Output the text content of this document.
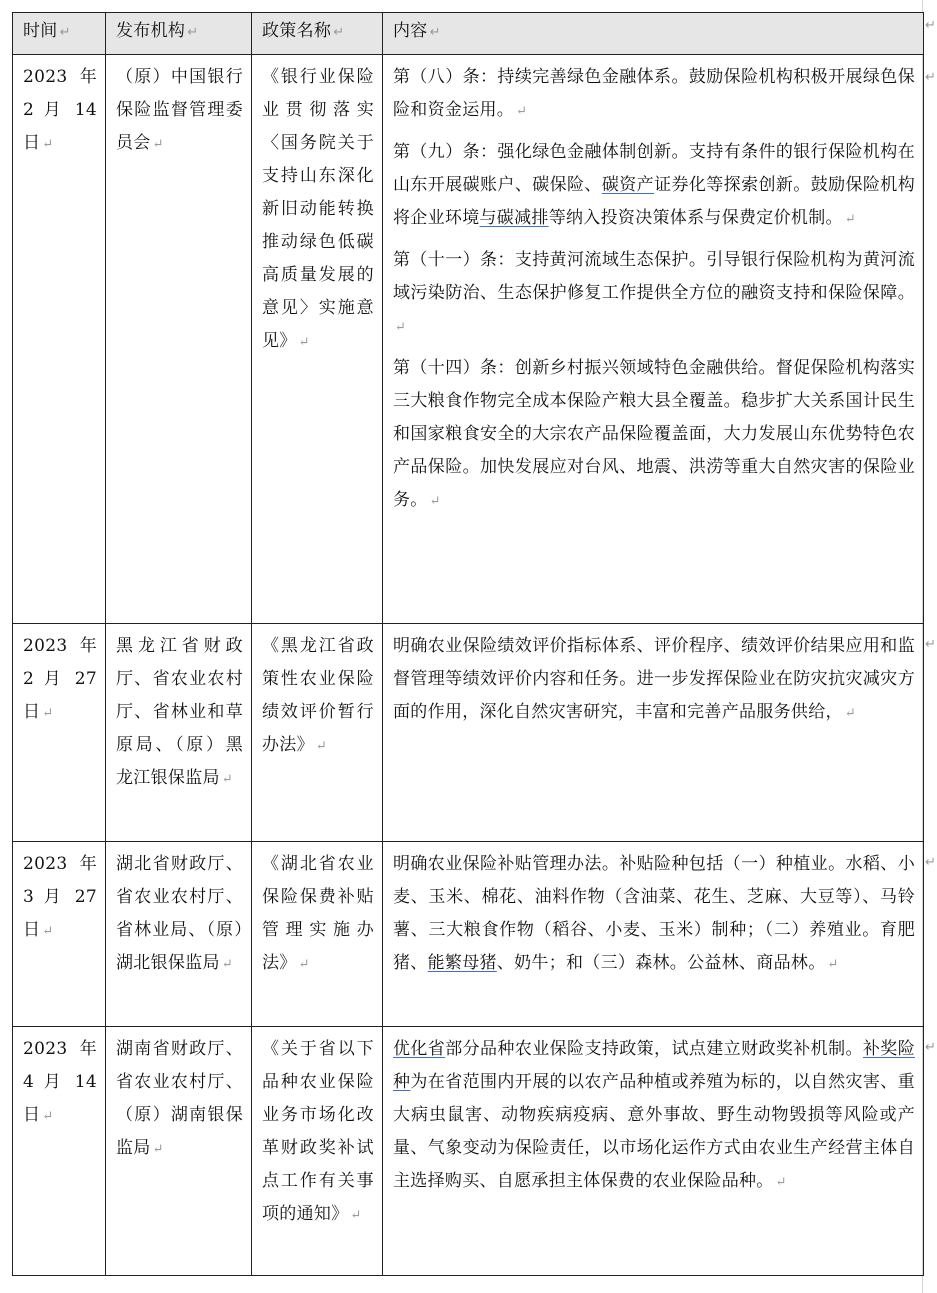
时间 ↵	发布机构 ↵	政策名称 ↵	内容 ↵
2023 年 2 月 14 日 ↵	（原）中国银行保险监督管理委员会 ↵	《银行业保险业贯彻落实〈国务院关于支持山东深化新旧动能转换推动绿色低碳高质量发展的意见〉实施意见》 ↵	第（八）条：持续完善绿色金融体系。鼓励保险机构积极开展绿色保险和资金运用。 ↵
第（九）条：强化绿色金融体制创新。支持有条件的银行保险机构在山东开展碳账户、碳保险、碳资产证券化等探索创新。鼓励保险机构将企业环境与碳减排等纳入投资决策体系与保费定价机制。 ↵
第（十一）条：支持黄河流域生态保护。引导银行保险机构为黄河流域污染防治、生态保护修复工作提供全方位的融资支持和保险保障。↵
第（十四）条：创新乡村振兴领域特色金融供给。督促保险机构落实三大粮食作物完全成本保险产粮大县全覆盖。稳步扩大关系国计民生和国家粮食安全的大宗农产品保险覆盖面，大力发展山东优势特色农产品保险。加快发展应对台风、地震、洪涝等重大自然灾害的保险业务。 ↵

2023 年 2 月 27 日 ↵	黑龙江省财政厅、省农业农村厅、省林业和草原局、（原）黑龙江银保监局 ↵	《黑龙江省政策性农业保险绩效评价暂行办法》 ↵	明确农业保险绩效评价指标体系、评价程序、绩效评价结果应用和监督管理等绩效评价内容和任务。进一步发挥保险业在防灾抗灾减灾方面的作用，深化自然灾害研究，丰富和完善产品服务供给， ↵

2023 年 3 月 27 日 ↵	湖北省财政厅、省农业农村厅、省林业局、（原）湖北银保监局 ↵	《湖北省农业保险保费补贴管理实施办法》 ↵	明确农业保险补贴管理办法。补贴险种包括（一）种植业。水稻、小麦、玉米、棉花、油料作物（含油菜、花生、芝麻、大豆等）、马铃薯、三大粮食作物（稻谷、小麦、玉米）制种；（二）养殖业。育肥猪、能繁母猪、奶牛；和（三）森林。公益林、商品林。 ↵

2023 年 4 月 14 日 ↵	湖南省财政厅、省农业农村厅、（原）湖南银保监局 ↵	《关于省以下品种农业保险业务市场化改革财政奖补试点工作有关事项的通知》 ↵	优化省部分品种农业保险支持政策，试点建立财政奖补机制。补奖险种为在省范围内开展的以农产品种植或养殖为标的，以自然灾害、重大病虫鼠害、动物疾病疫病、意外事故、野生动物毁损等风险或产量、气象变动为保险责任，以市场化运作方式由农业生产经营主体自主选择购买、自愿承担主体保费的农业保险品种。 ↵
↵
↵
↵
↵
↵
